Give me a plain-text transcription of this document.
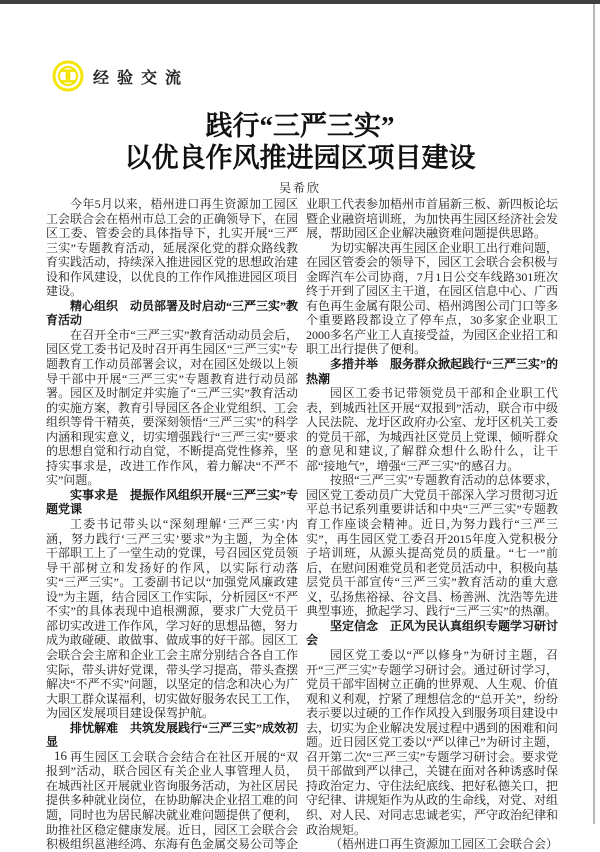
经验交流
践行“三严三实”
以优良作风推进园区项目建设
吴希欣

今年5月以来，梧州进口再生资源加工园区工会联合会在梧州市总工会的正确领导下，在园区工委、管委会的具体指导下，扎实开展“三严三实”专题教育活动，延展深化党的群众路线教育实践活动，持续深入推进园区党的思想政治建设和作风建设，以优良的工作作风推进园区项目建设。

精心组织　动员部署及时启动“三严三实”教育活动

在召开全市“三严三实”教育活动动员会后，园区党工委书记及时召开再生园区“三严三实”专题教育工作动员部署会议，对在园区处级以上领导干部中开展“三严三实”专题教育进行动员部署。园区及时制定并实施了“三严三实”教育活动的实施方案，教育引导园区各企业党组织、工会组织等骨干精英，要深刻领悟“三严三实”的科学内涵和现实意义，切实增强践行“三严三实”要求的思想自觉和行动自觉，不断提高党性修养，坚持实事求是，改进工作作风，着力解决“不严不实”问题。

实事求是　提振作风组织开展“三严三实”专题党课

工委书记带头以“深刻理解‘三严三实’内涵，努力践行‘三严三实’要求”为主题，为全体干部职工上了一堂生动的党课，号召园区党员领导干部树立和发扬好的作风，以实际行动落实“三严三实”。工委副书记以“加强党风廉政建设”为主题，结合园区工作实际，分析园区“不严不实”的具体表现中追根溯源，要求广大党员干部切实改进工作作风，学习好的思想品德，努力成为敢碰硬、敢做事、做成事的好干部。园区工会联合会主席和企业工会主席分别结合各自工作实际，带头讲好党课，带头学习提高，带头查摆解决“不严不实”问题，以坚定的信念和决心为广大职工群众谋福利，切实做好服务农民工工作，为园区发展项目建设保驾护航。

排忧解难　共筑发展践行“三严三实”成效初显

再生园区工会联合会结合在社区开展的“双报到”活动，联合园区有关企业人事管理人员，在城西社区开展就业咨询服务活动，为社区居民提供多种就业岗位，在协助解决企业招工难的问题，同时也为居民解决就业难问题提供了便利，助推社区稳定健康发展。近日，园区工会联合会积极组织邕港经鸿、东海有色金属交易公司等企

业职工代表参加梧州市首届新三板、新四板论坛暨企业融资培训班，为加快再生园区经济社会发展，帮助园区企业解决融资难问题提供思路。

为切实解决再生园区企业职工出行难问题，在园区管委会的领导下，园区工会联合会积极与金晖汽车公司协商，7月1日公交车线路301班次终于开到了园区主干道，在园区信息中心、广西有色再生金属有限公司、梧州鸿图公司门口等多个重要路段都设立了停车点，30多家企业职工2000多名产业工人直接受益，为园区企业招工和职工出行提供了便利。

多措并举　服务群众掀起践行“三严三实”的热潮

园区工委书记带领党员干部和企业职工代表，到城西社区开展“双报到”活动，联合市中级人民法院、龙圩区政府办公室、龙圩区机关工委的党员干部，为城西社区党员上党课，倾听群众的意见和建议,了解群众想什么盼什么，让干部“接地气”，增强“三严三实”的感召力。

按照“三严三实”专题教育活动的总体要求，园区党工委动员广大党员干部深入学习贯彻习近平总书记系列重要讲话和中央“三严三实”专题教育工作座谈会精神。近日,为努力践行“三严三实”，再生园区党工委召开2015年度入党积极分子培训班，从源头提高党员的质量。“七一”前后，在慰问困难党员和老党员活动中，积极向基层党员干部宣传“三严三实”教育活动的重大意义，弘扬焦裕禄、谷文昌、杨善洲、沈浩等先进典型事迹，掀起学习、践行“三严三实”的热潮。

坚定信念　正风为民认真组织专题学习研讨会

园区党工委以“严以修身”为研讨主题，召开“三严三实”专题学习研讨会。通过研讨学习，党员干部牢固树立正确的世界观、人生观、价值观和义利观，拧紧了理想信念的“总开关”，纷纷表示要以过硬的工作作风投入到服务项目建设中去，切实为企业解决发展过程中遇到的困难和问题。近日园区党工委以“严以律己”为研讨主题，召开第二次“三严三实”专题学习研讨会。要求党员干部做到严以律己，关键在面对各种诱惑时保持政治定力、守住法纪底线、把好私德关口，把守纪律、讲规矩作为从政的生命线，对党、对组织、对人民、对同志忠诚老实，严守政治纪律和政治规矩。

（梧州进口再生资源加工园区工会联合会）

16
